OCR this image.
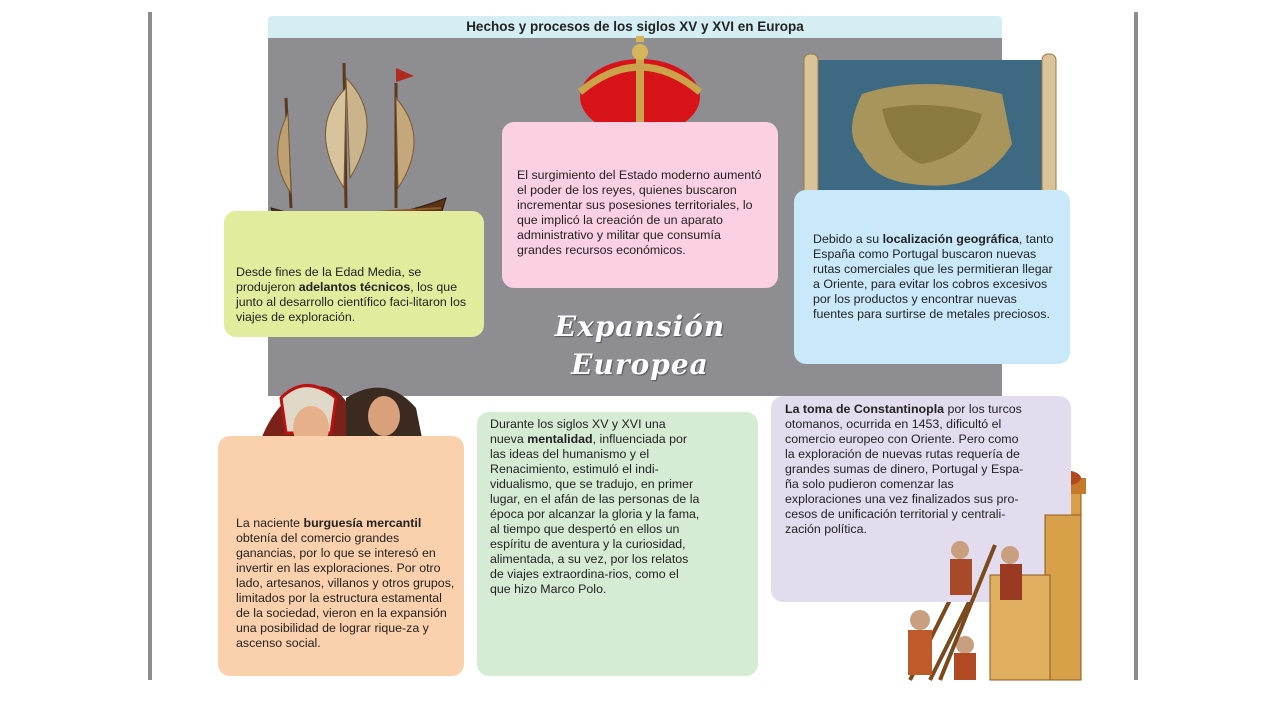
Hechos y procesos de los siglos XV y XVI en Europa
Expansión
Europea

Desde fines de la Edad Media, se produjeron adelantos técnicos, los que junto al desarrollo científico faci-litaron los viajes de exploración.

El surgimiento del Estado moderno aumentó el poder de los reyes, quienes buscaron incrementar sus posesiones territoriales, lo que implicó la creación de un aparato administrativo y militar que consumía grandes recursos económicos.

Debido a su localización geográfica, tanto España como Portugal buscaron nuevas rutas comerciales que les permitieran llegar a Oriente, para evitar los cobros excesivos por los productos y encontrar nuevas fuentes para surtirse de metales preciosos.

La naciente burguesía mercantil obtenía del comercio grandes ganancias, por lo que se interesó en invertir en las exploraciones. Por otro lado, artesanos, villanos y otros grupos, limitados por la estructura estamental de la sociedad, vieron en la expansión una posibilidad de lograr rique-za y ascenso social.

Durante los siglos XV y XVI una nueva mentalidad, influenciada por las ideas del humanismo y el Renacimiento, estimuló el indi-vidualismo, que se tradujo, en primer lugar, en el afán de las personas de la época por alcanzar la gloria y la fama, al tiempo que despertó en ellos un espíritu de aventura y la curiosidad, alimentada, a su vez, por los relatos de viajes extraordina-rios, como el que hizo Marco Polo.

La toma de Constantinopla por los turcos otomanos, ocurrida en 1453, dificultó el comercio europeo con Oriente. Pero como la exploración de nuevas rutas requería de grandes sumas de dinero, Portugal y Espa-ña solo pudieron comenzar las exploraciones una vez finalizados sus pro-cesos de unificación territorial y centrali-zación política.
